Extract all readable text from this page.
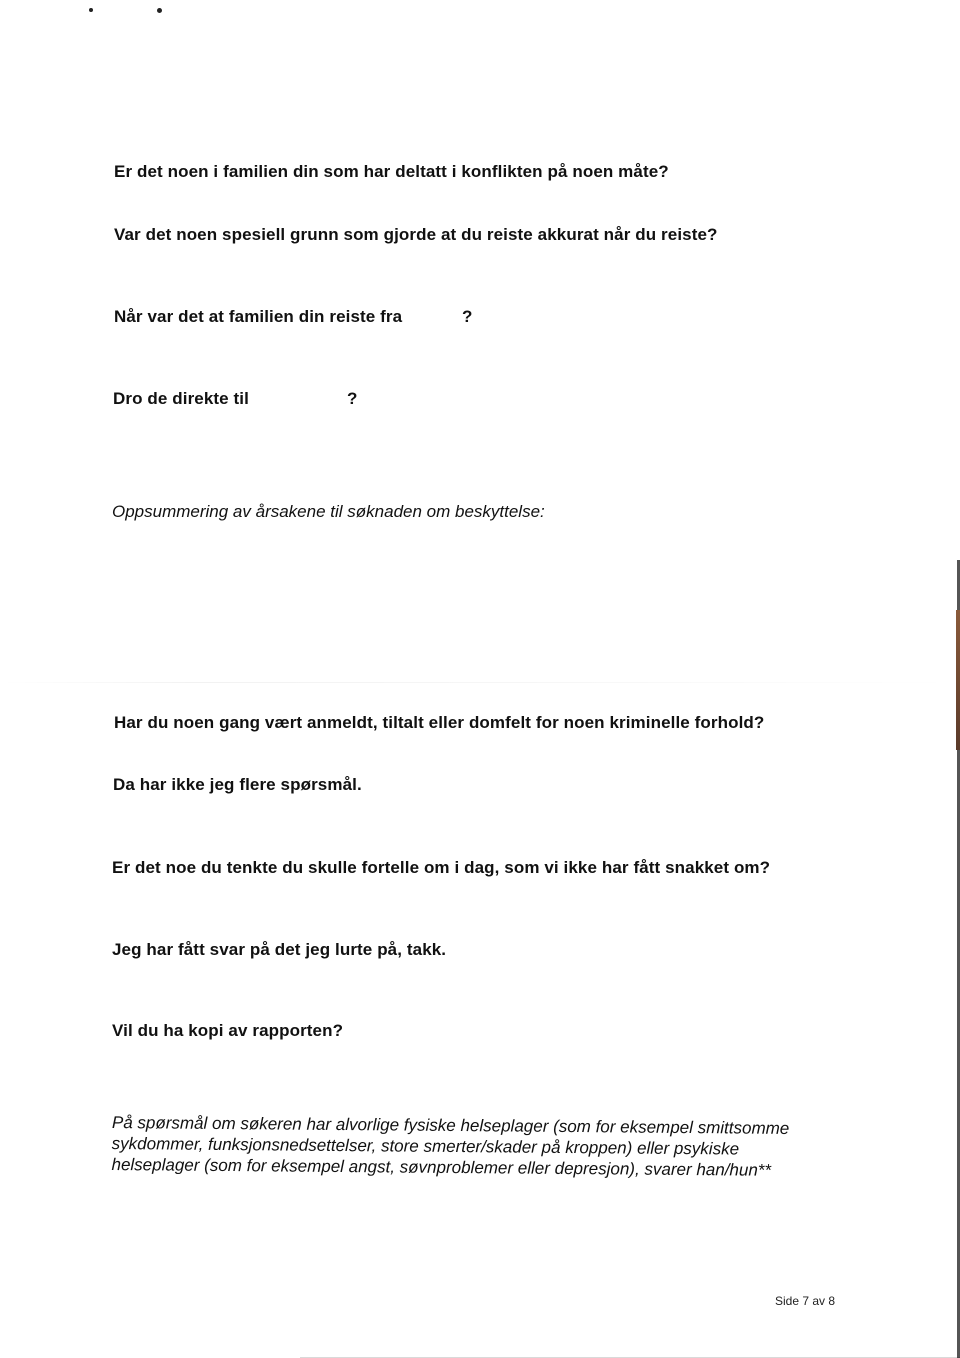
Er det noen i familien din som har deltatt i konflikten på noen måte?
Var det noen spesiell grunn som gjorde at du reiste akkurat når du reiste?
Når var det at familien din reiste fra	?
Dro de direkte til	?
Oppsummering av årsakene til søknaden om beskyttelse:
Har du noen gang vært anmeldt, tiltalt eller domfelt for noen kriminelle forhold?
Da har ikke jeg flere spørsmål.
Er det noe du tenkte du skulle fortelle om i dag, som vi ikke har fått snakket om?
Jeg har fått svar på det jeg lurte på, takk.
Vil du ha kopi av rapporten?
På spørsmål om søkeren har alvorlige fysiske helseplager (som for eksempel smittsomme
sykdommer, funksjonsnedsettelser, store smerter/skader på kroppen) eller psykiske
helseplager (som for eksempel angst, søvnproblemer eller depresjon), svarer han/hun**
Side 7 av 8
